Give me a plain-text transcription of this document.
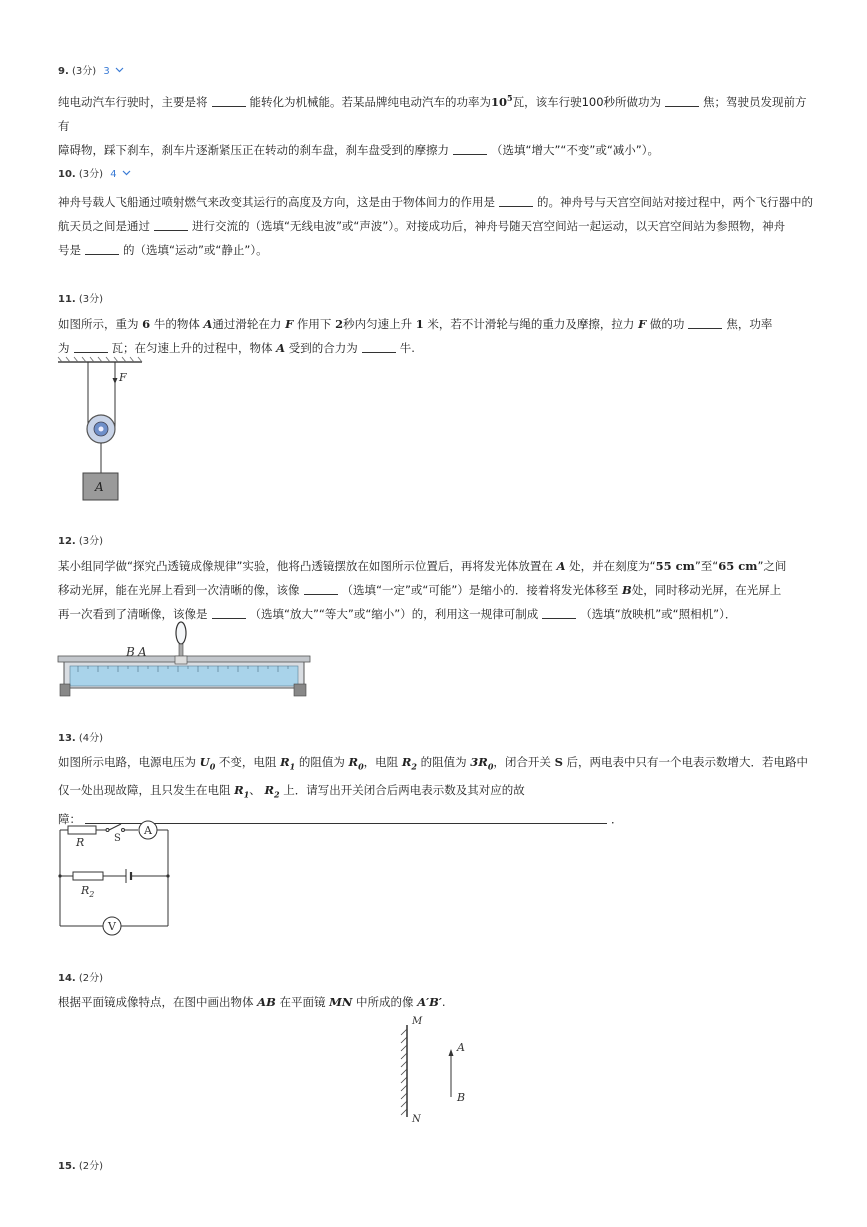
9. (3分) 3
纯电动汽车行驶时，主要是将	能转化为机械能。若某品牌纯电动汽车的功率为$10^5$瓦，该车行驶100秒所做功为	焦；驾驶员发现前方有
障碍物，踩下刹车，刹车片逐渐紧压正在转动的刹车盘，刹车盘受到的摩擦力	（选填“增大”“不变”或“减小”）。
10. (3分) 4
神舟号载人飞船通过喷射燃气来改变其运行的高度及方向，这是由于物体间力的作用是	的。神舟号与天宫空间站对接过程中，两个飞行器中的
航天员之间是通过	进行交流的（选填“无线电波”或“声波”）。对接成功后，神舟号随天宫空间站一起运动，以天宫空间站为参照物，神舟
号是	的（选填“运动”或“静止”）。
11. (3分)
如图所示，重为 6 牛的物体 A通过滑轮在力 F 作用下 2秒内匀速上升 1 米，若不计滑轮与绳的重力及摩擦，拉力 F 做的功	焦，功率
为	瓦；在匀速上升的过程中，物体 A 受到的合力为	牛.
F
A
12. (3分)
某小组同学做“探究凸透镜成像规律”实验，他将凸透镜摆放在如图所示位置后，再将发光体放置在 A 处，并在刻度为“55 cm”至“65 cm”之间
移动光屏，能在光屏上看到一次清晰的像，该像	（选填“一定”或“可能”）是缩小的．接着将发光体移至 B处，同时移动光屏，在光屏上
再一次看到了清晰像，该像是	（选填“放大”“等大”或“缩小”）的，利用这一规律可制成	（选填“放映机”或“照相机”）．
B A
13. (4分)
如图所示电路，电源电压为 $U_0$ 不变，电阻 $R_1$ 的阻值为 $R_0$，电阻 $R_2$ 的阻值为 $3R_0$，闭合开关 S 后，两电表中只有一个电表示数增大．若电路中
仅一处出现故障，且只发生在电阻 $R_1$、 $R_2$ 上．请写出开关闭合后两电表示数及其对应的故
障：	．
R	S
A
$R_2$
V
14. (2分)
根据平面镜成像特点，在图中画出物体 AB 在平面镜 MN 中所成的像 A′B′.
M
N
A
B
15. (2分)
